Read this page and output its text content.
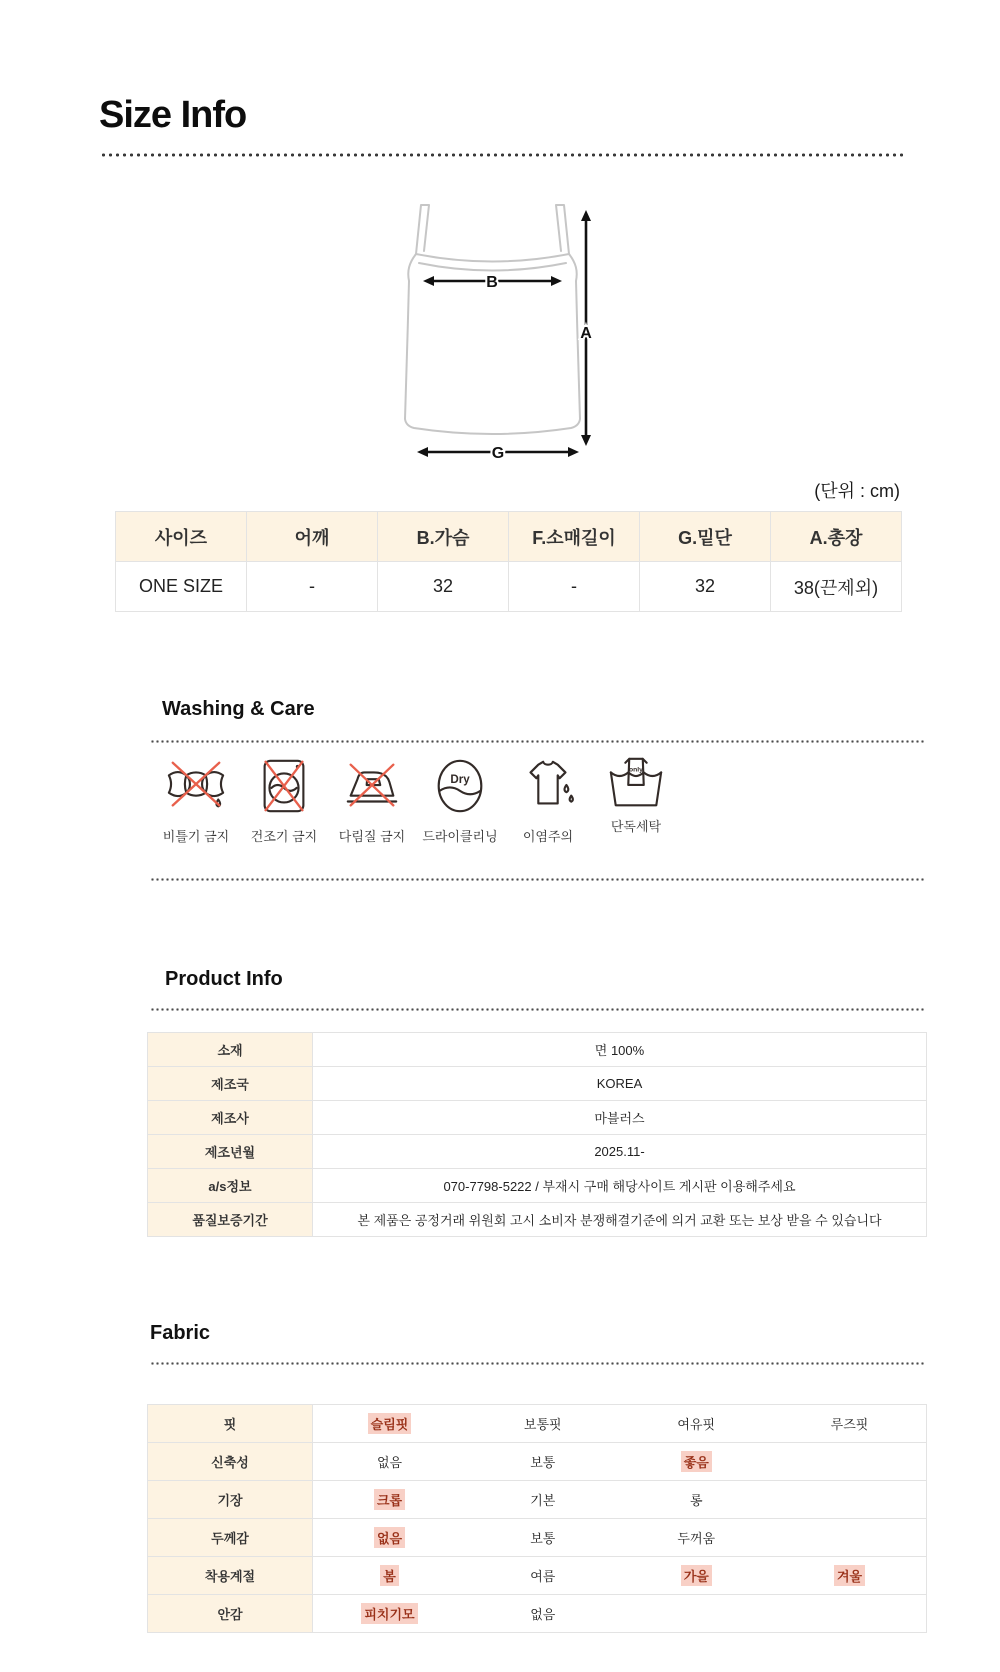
Size Info
B
A
G
(단위 : cm)
사이즈	어깨	B.가슴	F.소매길이	G.밑단	A.총장
ONE SIZE	-	32	-	32	38(끈제외)
Washing & Care
비틀기 금지	건조기 금지	다림질 금지
Dry
드라이클리닝	이염주의
only
단독세탁
Product Info
소재	면 100%
제조국	KOREA
제조사	마블러스
제조년월	2025.11-
a/s정보	070-7798-5222 / 부재시 구매 해당사이트 게시판 이용해주세요
품질보증기간	본 제품은 공정거래 위원회 고시 소비자 분쟁해결기준에 의거 교환 또는 보상 받을 수 있습니다
Fabric
핏	슬림핏	보통핏	여유핏	루즈핏
신축성	없음	보통	좋음	
기장	크롭	기본	롱	
두께감	없음	보통	두꺼움	
착용계절	봄	여름	가을	겨울
안감	피치기모	없음		
